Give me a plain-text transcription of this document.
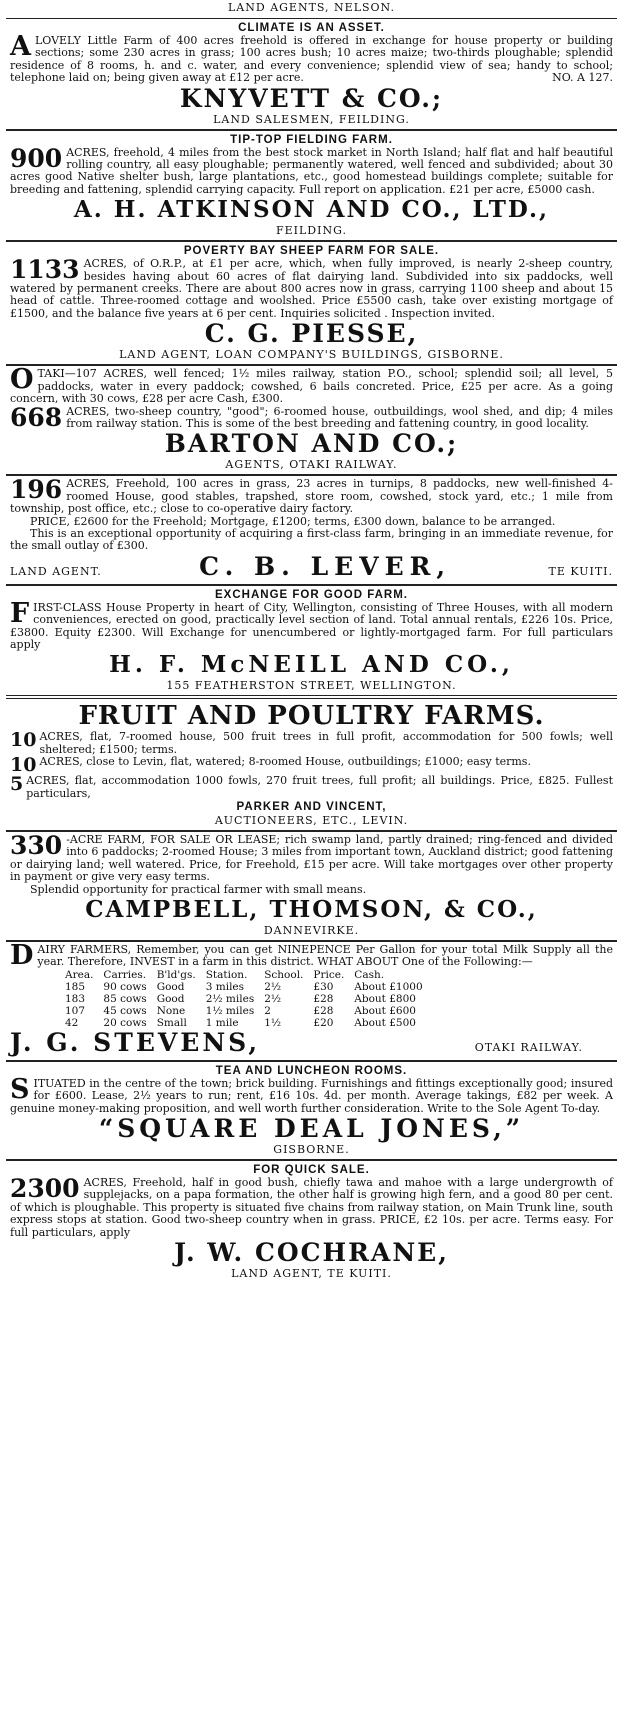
LAND AGENTS, NELSON.
CLIMATE IS AN ASSET.
A LOVELY Little Farm of 400 acres freehold is offered in exchange for house property or building sections; some 230 acres in grass; 100 acres bush; 10 acres maize; two-thirds ploughable; splendid residence of 8 rooms, h. and c. water, and every convenience; splendid view of sea; handy to school; telephone laid on; being given away at £12 per acre.	NO. A 127.
KNYVETT & CO.;
LAND SALESMEN, FEILDING.
TIP-TOP FIELDING FARM.
900 ACRES, freehold, 4 miles from the best stock market in North Island; half flat and half beautiful rolling country, all easy ploughable; permanently watered, well fenced and subdivided; about 30 acres good Native shelter bush, large plantations, etc., good homestead buildings complete; suitable for breeding and fattening, splendid carrying capacity. Full report on application. £21 per acre, £5000 cash.
A. H. ATKINSON AND CO., LTD.,
FEILDING.
POVERTY BAY SHEEP FARM FOR SALE.
1133 ACRES, of O.R.P., at £1 per acre, which, when fully improved, is nearly 2-sheep country, besides having about 60 acres of flat dairying land. Subdivided into six paddocks, well watered by permanent creeks. There are about 800 acres now in grass, carrying 1100 sheep and about 15 head of cattle. Three-roomed cottage and woolshed. Price £5500 cash, take over existing mortgage of £1500, and the balance five years at 6 per cent. Inquiries solicited . Inspection invited.
C. G. PIESSE,
LAND AGENT, LOAN COMPANY'S BUILDINGS, GISBORNE.
O TAKI—107 ACRES, well fenced; 1½ miles railway, station P.O., school; splendid soil; all level, 5 paddocks, water in every paddock; cowshed, 6 bails concreted. Price, £25 per acre. As a going concern, with 30 cows, £28 per acre Cash, £300.
668 ACRES, two-sheep country, "good"; 6-roomed house, outbuildings, wool shed, and dip; 4 miles from railway station. This is some of the best breeding and fattening country, in good locality.
BARTON AND CO.;
AGENTS, OTAKI RAILWAY.
196 ACRES, Freehold, 100 acres in grass, 23 acres in turnips, 8 paddocks, new well-finished 4-roomed House, good stables, trapshed, store room, cowshed, stock yard, etc.; 1 mile from township, post office, etc.; close to co-operative dairy factory.
PRICE, £2600 for the Freehold; Mortgage, £1200; terms, £300 down, balance to be arranged.
This is an exceptional opportunity of acquiring a first-class farm, bringing in an immediate revenue, for the small outlay of £300.
LAND AGENT.	C. B. LEVER,	TE KUITI.
EXCHANGE FOR GOOD FARM.
F IRST-CLASS House Property in heart of City, Wellington, consisting of Three Houses, with all modern conveniences, erected on good, practically level section of land. Total annual rentals, £226 10s. Price, £3800. Equity £2300. Will Exchange for unencumbered or lightly-mortgaged farm. For full particulars apply
H. F. McNEILL AND CO.,
155 FEATHERSTON STREET, WELLINGTON.
FRUIT AND POULTRY FARMS.
10 ACRES, flat, 7-roomed house, 500 fruit trees in full profit, accommodation for 500 fowls; well sheltered; £1500; terms.
10 ACRES, close to Levin, flat, watered; 8-roomed House, outbuildings; £1000; easy terms.
5 ACRES, flat, accommodation 1000 fowls, 270 fruit trees, full profit; all buildings. Price, £825. Fullest particulars,
PARKER AND VINCENT,
AUCTIONEERS, ETC., LEVIN.
330 -ACRE FARM, FOR SALE OR LEASE; rich swamp land, partly drained; ring-fenced and divided into 6 paddocks; 2-roomed House; 3 miles from important town, Auckland district; good fattening or dairying land; well watered. Price, for Freehold, £15 per acre. Will take mortgages over other property in payment or give very easy terms.
Splendid opportunity for practical farmer with small means.
CAMPBELL, THOMSON, & CO.,
DANNEVIRKE.
D AIRY FARMERS, Remember, you can get NINEPENCE Per Gallon for your total Milk Supply all the year. Therefore, INVEST in a farm in this district. WHAT ABOUT One of the Following:—
Area.	Carries.	B'ld'gs.	Station.	School.	Price.	Cash.
185	90 cows	Good	3 miles	2½	£30	About £1000
183	85 cows	Good	2½ miles	2½	£28	About £800
107	45 cows	None	1½ miles	2	£28	About £600
42	20 cows	Small	1 mile	1½	£20	About £500
J. G. STEVENS,	OTAKI RAILWAY.
TEA AND LUNCHEON ROOMS.
S ITUATED in the centre of the town; brick building. Furnishings and fittings exceptionally good; insured for £600. Lease, 2½ years to run; rent, £16 10s. 4d. per month. Average takings, £82 per week. A genuine money-making proposition, and well worth further consideration. Write to the Sole Agent To-day.
“SQUARE DEAL JONES,”
GISBORNE.
FOR QUICK SALE.
2300 ACRES, Freehold, half in good bush, chiefly tawa and mahoe with a large undergrowth of supplejacks, on a papa formation, the other half is growing high fern, and a good 80 per cent. of which is ploughable. This property is situated five chains from railway station, on Main Trunk line, south express stops at station. Good two-sheep country when in grass. PRICE, £2 10s. per acre. Terms easy. For full particulars, apply
J. W. COCHRANE,
LAND AGENT, TE KUITI.
